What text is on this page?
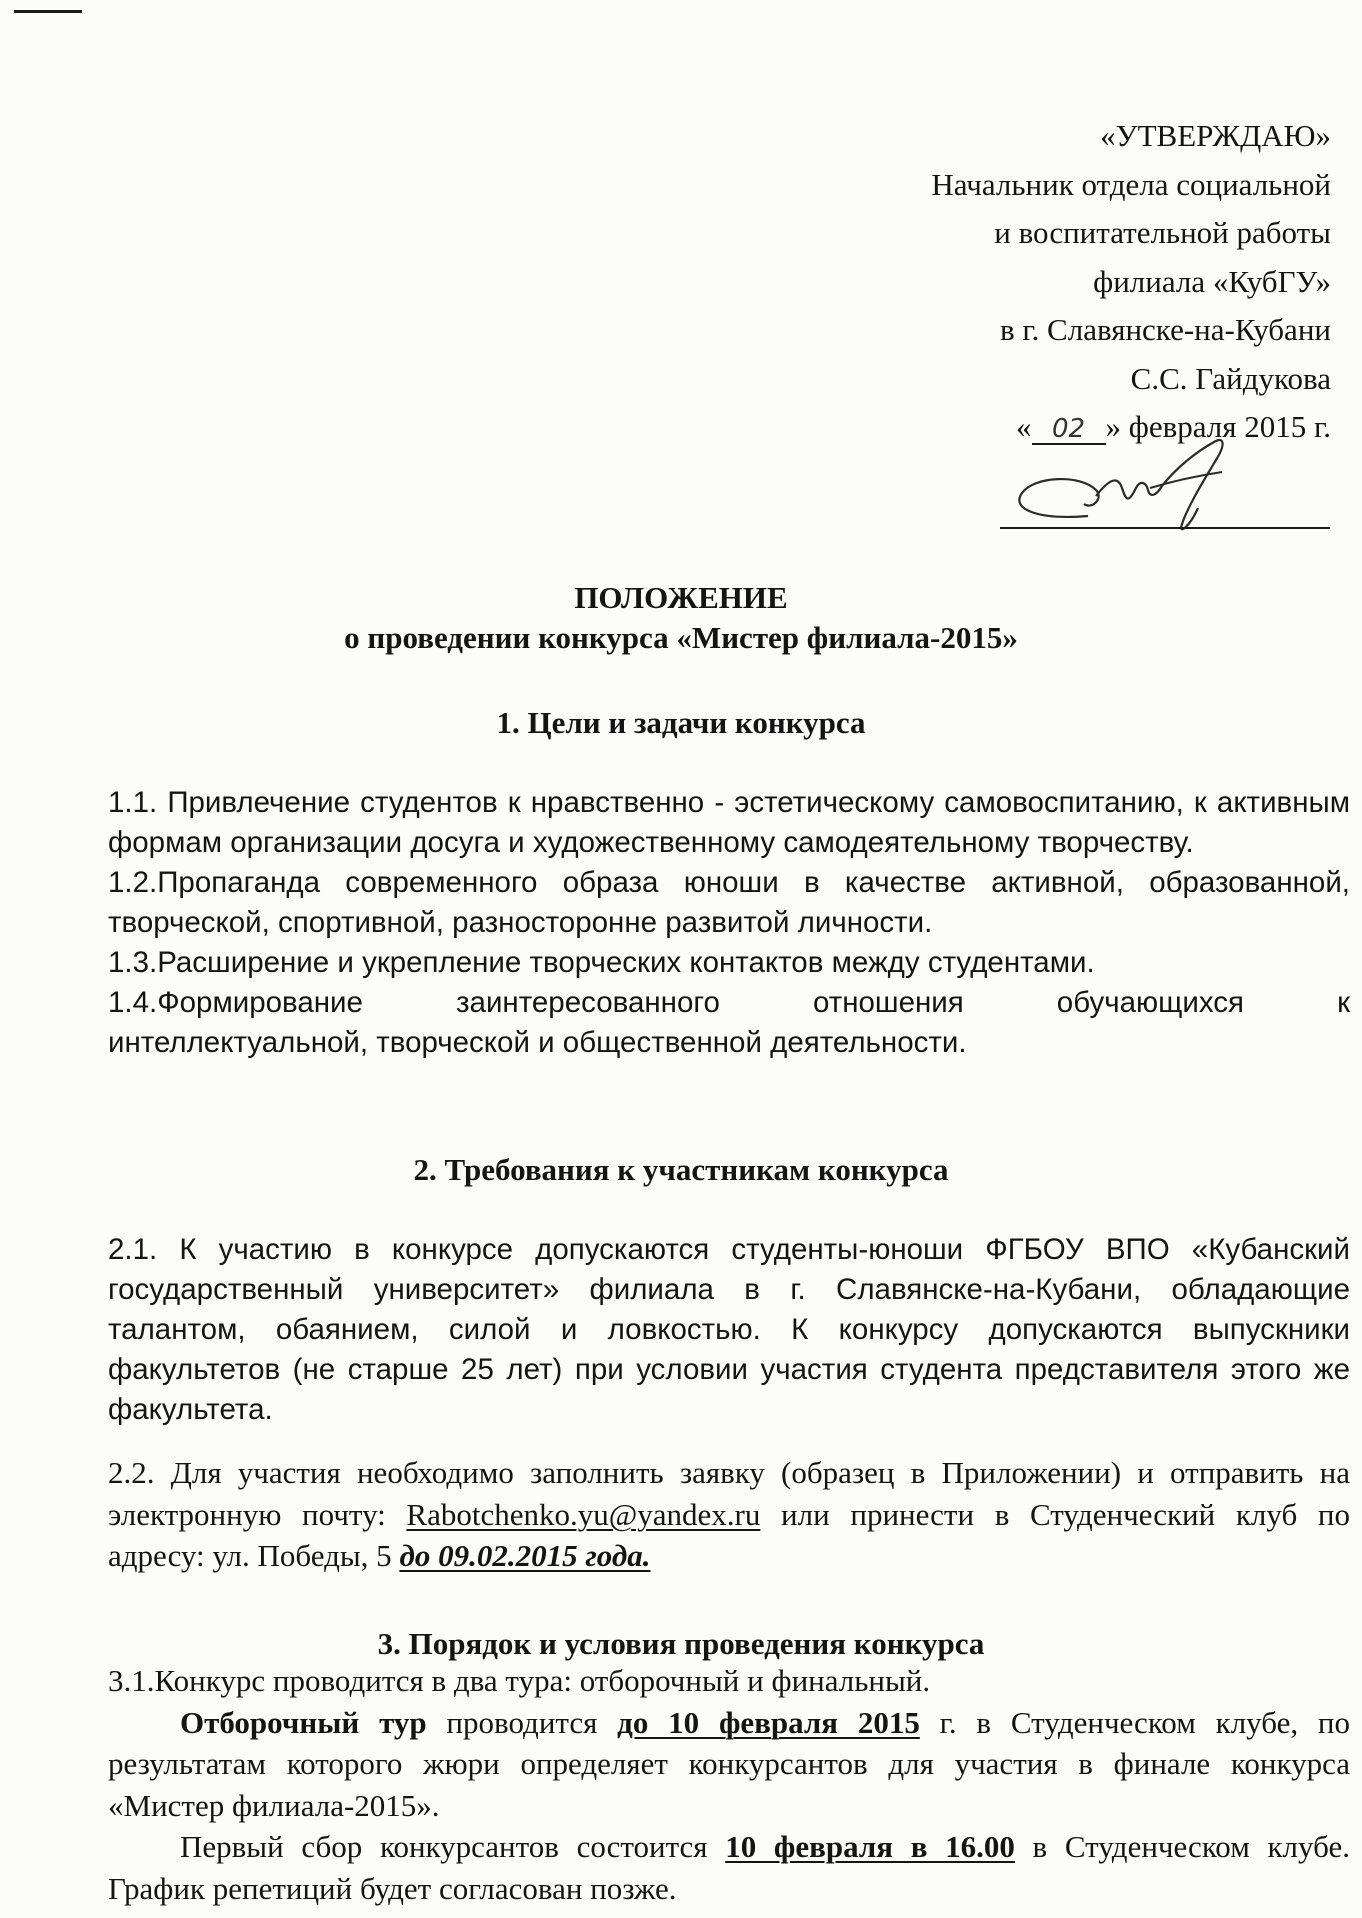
«УТВЕРЖДАЮ»
Начальник отдела социальной
и воспитательной работы
филиала «КубГУ»
в г. Славянске-на-Кубани
С.С. Гайдукова
« 02 » февраля 2015 г.
ПОЛОЖЕНИЕ
о проведении конкурса «Мистер филиала-2015»
1. Цели и задачи конкурса

1.1. Привлечение студентов к нравственно - эстетическому самовоспитанию, к активным формам организации досуга и художественному самодеятельному творчеству.

1.2.Пропаганда современного образа юноши в качестве активной, образованной, творческой, спортивной, разносторонне развитой личности.

1.3.Расширение и укрепление творческих контактов между студентами.

1.4.Формирование заинтересованного отношения обучающихся к

интеллектуальной, творческой и общественной деятельности.

2. Требования к участникам конкурса

2.1. К участию в конкурсе допускаются студенты-юноши ФГБОУ ВПО «Кубанский государственный университет» филиала в г. Славянске-на-Кубани, обладающие талантом, обаянием, силой и ловкостью. К конкурсу допускаются выпускники факультетов (не старше 25 лет) при условии участия студента представителя этого же факультета.

2.2. Для участия необходимо заполнить заявку (образец в Приложении) и отправить на электронную почту: Rabotchenko.yu@yandex.ru или принести в Студенческий клуб по адресу: ул. Победы, 5 до 09.02.2015 года.

3. Порядок и условия проведения конкурса

3.1.Конкурс проводится в два тура: отборочный и финальный.

Отборочный тур проводится до 10 февраля 2015 г. в Студенческом клубе, по результатам которого жюри определяет конкурсантов для участия в финале конкурса «Мистер филиала-2015».

Первый сбор конкурсантов состоится 10 февраля в 16.00 в Студенческом клубе. График репетиций будет согласован позже.
